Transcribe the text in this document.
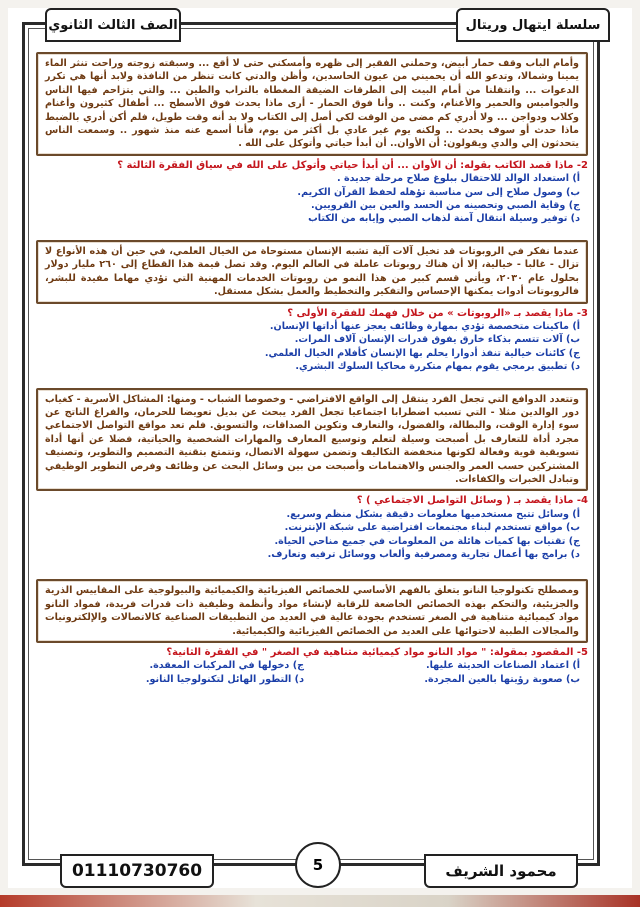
سلسلة ايتهال وريتال
الصف الثالث الثانوي
وأمام الباب وقف حمار أبيض، وحملني الفقير إلى ظهره وأمسكني حتى لا أقع ... وسبقته زوجته وراحت تنثر الماء يمينا وشمالا، وتدعو الله أن يحميني من عيون الحاسدين، وأظن والدتي كانت تنظر من النافذة ولابد أنها هي تكرر الدعوات ... وانتقلنا من أمام البيت إلى الطرقات الضيقة المغطاة بالتراب والطين ... والتي يتزاحم فيها الناس والجواميس والحمير والأغنام، وكنت .. وأنا فوق الحمار - أرى ماذا يحدث فوق الأسطح ... أطفال كثيرون وأغنام وكلاب ودواجن ... ولا أدري كم مضى من الوقت لكي أصل إلى الكتاب ولا بد أنه وقت طويل، فلم أكن أدري بالضبط ماذا حدث أو سوف يحدث .. ولكنه يوم غير عادي بل أكثر من يوم، فأنا أسمع عنه منذ شهور .. وسمعت الناس يتحدثون إلي والدي ويقولون: أن الأوان.. أن أبدأ حياتي وأتوكل على الله .
2- ماذا قصد الكاتب بقوله: أن الأوان ... أن أبدأ حياتي وأتوكل على الله في سياق الفقرة الثالثة ؟
أ) استعداد الوالد للاحتفال ببلوغ صلاح مرحلة جديدة .
ب) وصول صلاح إلى سن مناسبة تؤهله لحفظ القرآن الكريم.
ج) وقاية الصبي وتحصينه من الحسد والعين بين القرويين.
د) توفير وسيلة انتقال آمنة لذهاب الصبي وإيابه من الكتاب
عندما نفكر في الروبوتات قد تخيل آلات آلية تشبه الإنسان مستوحاة من الخيال العلمي، في حين أن هذه الأنواع لا تزال - غالبا - خيالية، إلا أن هناك روبوتات عاملة في العالم اليوم. وقد تصل قيمة هذا القطاع إلى ٢٦٠ مليار دولار بحلول عام ٢٠٣٠، ويأتي قسم كبير من هذا النمو من روبوتات الخدمات المهنية التي تؤدي مهاما مفيدة للبشر، فالروبوتات أدوات يمكنها الإحساس والتفكير والتخطيط والعمل بشكل مستقل.
3- ماذا يقصد بـ «الروبوتات » من خلال فهمك للفقرة الأولى ؟
أ) ماكينات متخصصة تؤدي بمهارة وظائف يعجز عنها أداتها الإنسان.
ب) آلات تتسم بذكاء خارق يفوق قدرات الإنسان آلاف المرات.
ج) كائنات خيالية تنفذ أدوارا يحلم بها الإنسان كأفلام الخيال العلمي.
د) تطبيق برمجي يقوم بمهام متكررة محاكيا السلوك البشري.
وتتعدد الدوافع التي تجعل الفرد ينتقل إلى الواقع الافتراضي - وخصوصا الشباب - ومنها: المشاكل الأسرية - كغياب دور الوالدين مثلا - التي تسبب اضطرابا اجتماعيا تجعل الفرد يبحث عن بديل تعويضا للحرمان، والفراغ الناتج عن سوء إدارة الوقت، والبطالة، والفضول، والتعارف وتكوين الصداقات، والتسويق. فلم تعد مواقع التواصل الاجتماعي مجرد أداة للتعارف بل أصبحت وسيلة لتعلم وتوسيع المعارف والمهارات الشخصية والحياتية، فضلا عن أنها أداة تسويقية قوية وفعالة لكونها منخفضة التكاليف وتضمن سهولة الاتصال، وتتمتع بتقنية التصميم والتطوير، وتصنيف المشتركين حسب العمر والجنس والاهتمامات وأصبحت من بين وسائل البحث عن وظائف وفرص التطوير الوظيفي وتبادل الخبرات والكفاءات.
4- ماذا يقصد بـ ( وسائل التواصل الاجتماعي ) ؟
أ) وسائل تتيح مستخدميها معلومات دقيقة بشكل منظم وسريع.
ب) مواقع تستخدم لبناء مجتمعات افتراضية على شبكة الإنترنت.
ج) تقنيات بها كميات هائلة من المعلومات في جميع مناحي الحياة.
د) برامج بها أعمال تجارية ومصرفية وألعاب ووسائل ترفيه وتعارف.
ومصطلح تكنولوجيا النانو يتعلق بالفهم الأساسي للخصائص الفيزيائية والكيميائية والبيولوجية على المقاييس الذرية والجزيئية، والتحكم بهذه الخصائص الخاضعة للرقابة لإنشاء مواد وأنظمة وظيفية ذات قدرات فريدة، فمواد النانو مواد كيميائية متناهية في الصغر تستخدم بجودة عالية في العديد من التطبيقات الصناعية كالاتصالات والإلكترونيات والمجالات الطبية لاحتوائها على العديد من الخصائص الفيزيائية والكيميائية.
5- المقصود بمقولة: " مواد النانو مواد كيميائية متناهية في الصغر " في الفقرة الثانية؟
أ) اعتماد الصناعات الحديثة عليها.
ج) دخولها في المركبات المعقدة.
ب) صعوبة رؤيتها بالعين المجردة.
د) التطور الهائل لتكنولوجيا النانو.
01110730760	5	محمود الشريف
